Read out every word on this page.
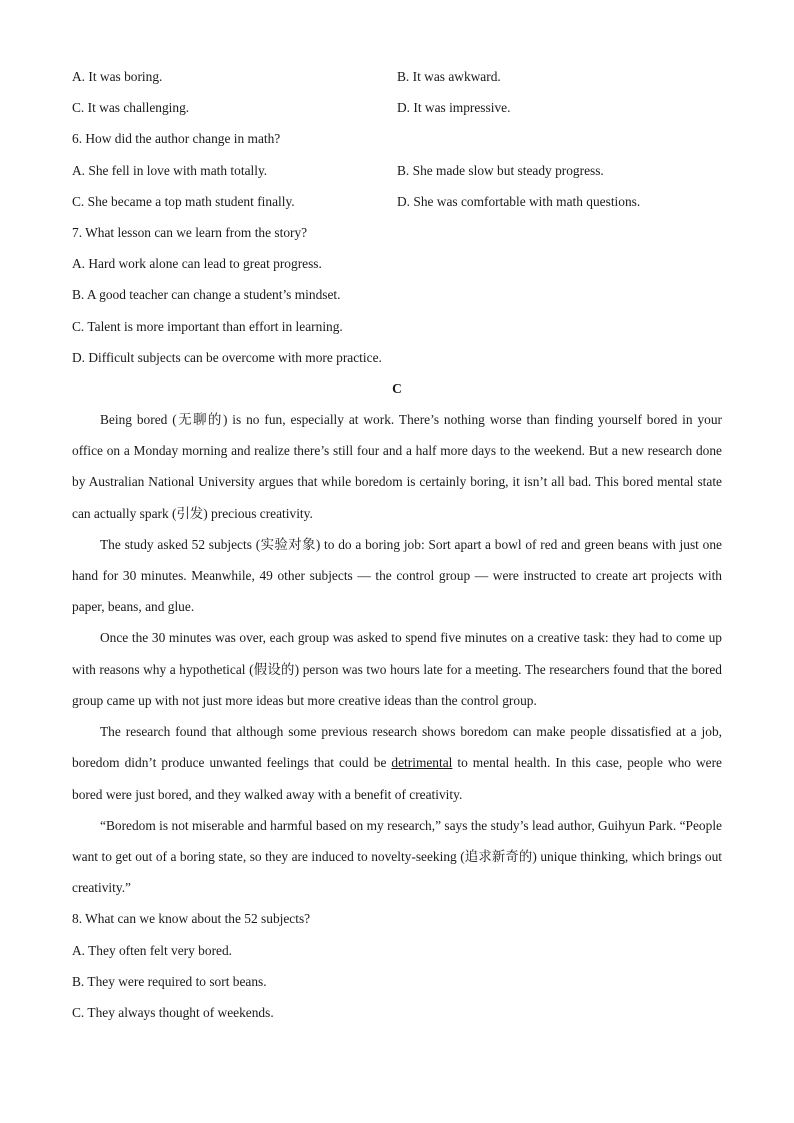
A. It was boring.	B. It was awkward.
C. It was challenging.	D. It was impressive.
6. How did the author change in math?
A. She fell in love with math totally.	B. She made slow but steady progress.
C. She became a top math student finally.	D. She was comfortable with math questions.
7. What lesson can we learn from the story?
A. Hard work alone can lead to great progress.
B. A good teacher can change a student’s mindset.
C. Talent is more important than effort in learning.
D. Difficult subjects can be overcome with more practice.
C
Being bored (无聊的) is no fun, especially at work. There’s nothing worse than finding yourself bored in your office on a Monday morning and realize there’s still four and a half more days to the weekend. But a new research done by Australian National University argues that while boredom is certainly boring, it isn’t all bad. This bored mental state can actually spark (引发) precious creativity.
The study asked 52 subjects (实验对象) to do a boring job: Sort apart a bowl of red and green beans with just one hand for 30 minutes. Meanwhile, 49 other subjects — the control group — were instructed to create art projects with paper, beans, and glue.
Once the 30 minutes was over, each group was asked to spend five minutes on a creative task: they had to come up with reasons why a hypothetical (假设的) person was two hours late for a meeting. The researchers found that the bored group came up with not just more ideas but more creative ideas than the control group.
The research found that although some previous research shows boredom can make people dissatisfied at a job, boredom didn’t produce unwanted feelings that could be detrimental to mental health. In this case, people who were bored were just bored, and they walked away with a benefit of creativity.
“Boredom is not miserable and harmful based on my research,” says the study’s lead author, Guihyun Park. “People want to get out of a boring state, so they are induced to novelty-seeking (追求新奇的) unique thinking, which brings out creativity.”
8. What can we know about the 52 subjects?
A. They often felt very bored.
B. They were required to sort beans.
C. They always thought of weekends.
